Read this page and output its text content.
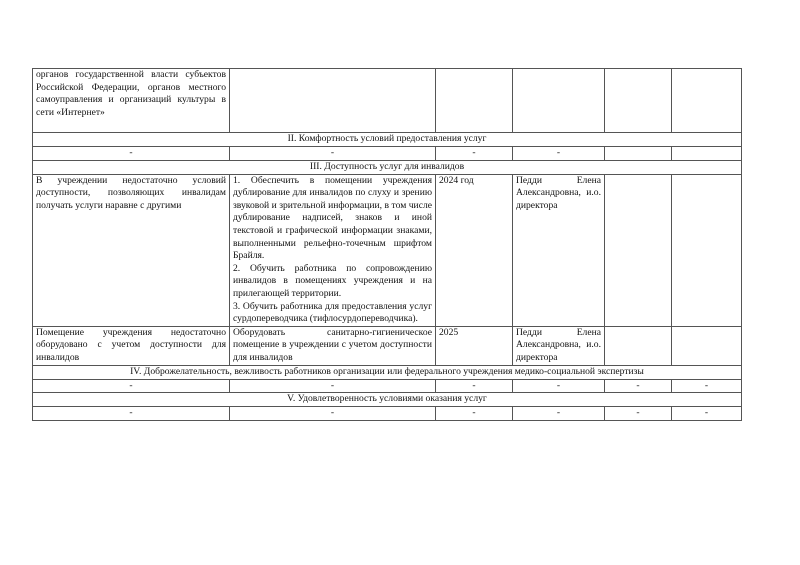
органов государственной власти субъектов Российской Федерации, органов местного самоуправления и организаций культуры в сети «Интернет»					
II. Комфортность условий предоставления услуг					
-	-	-	-		
III. Доступность услуг для инвалидов					
В учреждении недостаточно условий доступности, позволяющих инвалидам получать услуги наравне с другими	1. Обеспечить в помещении учреждения дублирование для инвалидов по слуху и зрению звуковой и зрительной информации, в том числе дублирование надписей, знаков и иной текстовой и графической информации знаками, выполненными рельефно-точечным шрифтом Брайля.
2. Обучить работника по сопровождению инвалидов в помещениях учреждения и на прилегающей территории.
3. Обучить работника для предоставления услуг сурдопереводчика (тифлосурдопереводчика).	2024 год	Педди Елена Александровна, и.о. директора		
Помещение учреждения недостаточно оборудовано с учетом доступности для инвалидов	Оборудовать санитарно-гигиеническое помещение в учреждении с учетом доступности для инвалидов	2025	Педди Елена Александровна, и.о. директора		
IV. Доброжелательность, вежливость работников организации или федерального учреждения медико-социальной экспертизы					
-	-	-	-	-	-
V. Удовлетворенность условиями оказания услуг					
-	-	-	-	-	-
